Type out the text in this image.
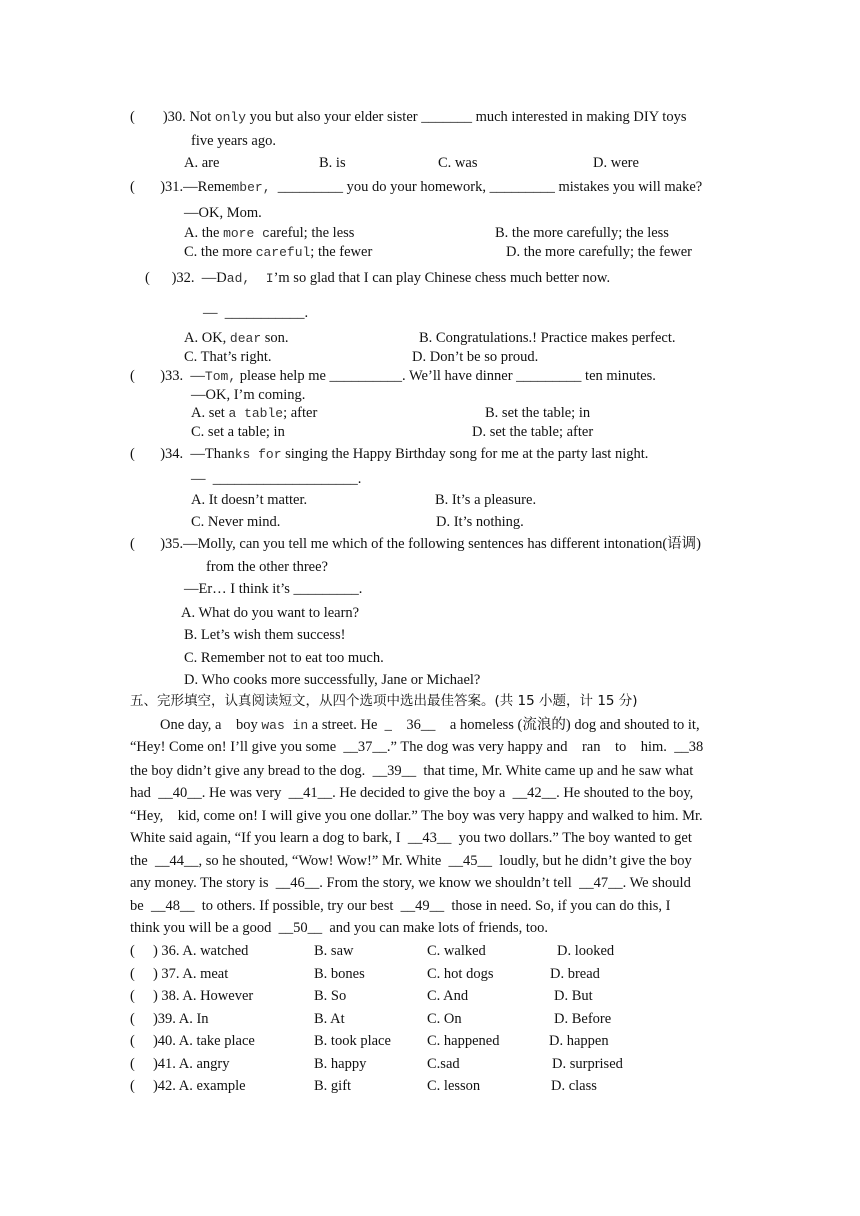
( )30. Not only you but also your elder sister _______ much interested in making DIY toys
five years ago.
A. are	B. is	C. was	D. were
(       )31.—Remember,  _________ you do your homework, _________ mistakes you will make?
—OK, Mom.
A. the more careful; the less	B. the more carefully; the less
C. the more careful; the fewer	D. the more carefully; the fewer
(      )32.  —Dad,  I’m so glad that I can play Chinese chess much better now.
—  ___________.
A. OK, dear son.	B. Congratulations.! Practice makes perfect.
C. That’s right.	D. Don’t be so proud.
(       )33.  —Tom, please help me __________. We’ll have dinner _________ ten minutes.
—OK, I’m coming.
A. set a table; after	B. set the table; in
C. set a table; in	D. set the table; after
(       )34.  —Thanks for singing the Happy Birthday song for me at the party last night.
—  ____________________.
A. It doesn’t matter.	B. It’s a pleasure.
C. Never mind.	D. It’s nothing.
(       )35.—Molly, can you tell me which of the following sentences has different intonation(语调)
from the other three?
—Er… I think it’s _________.
A. What do you want to learn?
B. Let’s wish them success!
C. Remember not to eat too much.
D. Who cooks more successfully, Jane or Michael?
五、完形填空，认真阅读短文，从四个选项中选出最佳答案。(共 15 小题，计 15 分)
One day, a    boy was in a street. He  _    36__    a homeless (流浪的) dog and shouted to it,
“Hey! Come on! I’ll give you some  __37__.” The dog was very happy and    ran    to    him.  __38
the boy didn’t give any bread to the dog.  __39__  that time, Mr. White came up and he saw what
had  __40__. He was very  __41__. He decided to give the boy a  __42__. He shouted to the boy,
“Hey,    kid, come on! I will give you one dollar.” The boy was very happy and walked to him. Mr.
White said again, “If you learn a dog to bark, I  __43__  you two dollars.” The boy wanted to get
the  __44__, so he shouted, “Wow! Wow!” Mr. White  __45__  loudly, but he didn’t give the boy
any money. The story is  __46__. From the story, we know we shouldn’t tell  __47__. We should
be  __48__  to others. If possible, try our best  __49__  those in need. So, if you can do this, I
think you will be a good  __50__  and you can make lots of friends, too.
(     ) 36. A. watched	B. saw	C. walked	D. looked
(     ) 37. A. meat	B. bones	C. hot dogs	D. bread
(     ) 38. A. However	B. So	C. And	D. But
(     )39. A. In	B. At	C. On	D. Before
(     )40. A. take place	B. took place C. happened	D. happen
(     )41. A. angry	B. happy	C.sad	D. surprised
(     )42. A. example	B. gift	C. lesson	D. class
